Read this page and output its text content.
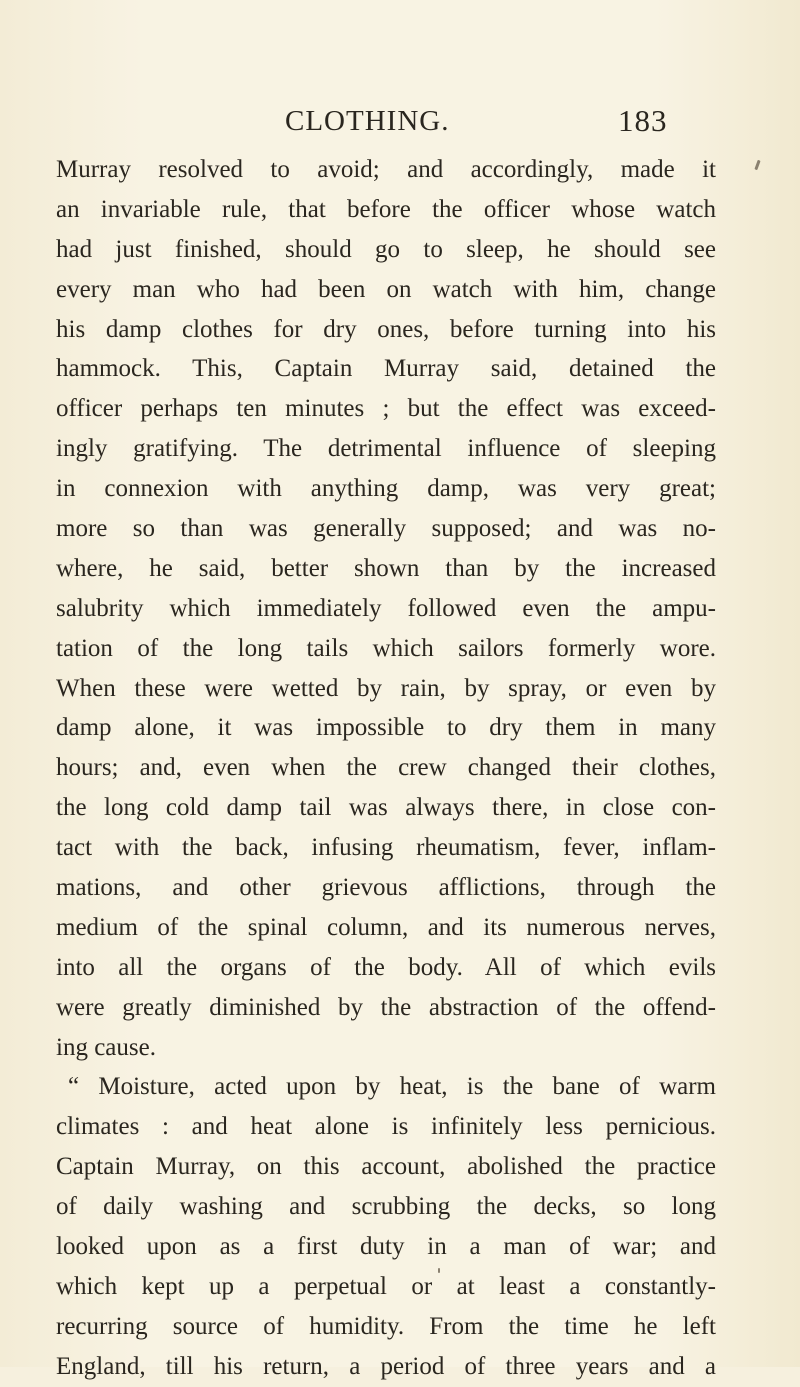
CLOTHING.	183
Murray resolved to avoid; and accordingly, made it
an invariable rule, that before the officer whose watch
had just finished, should go to sleep, he should see
every man who had been on watch with him, change
his damp clothes for dry ones, before turning into his
hammock. This, Captain Murray said, detained the
officer perhaps ten minutes ; but the effect was exceed-
ingly gratifying. The detrimental influence of sleeping
in connexion with anything damp, was very great;
more so than was generally supposed; and was no-
where, he said, better shown than by the increased
salubrity which immediately followed even the ampu-
tation of the long tails which sailors formerly wore.
When these were wetted by rain, by spray, or even by
damp alone, it was impossible to dry them in many
hours; and, even when the crew changed their clothes,
the long cold damp tail was always there, in close con-
tact with the back, infusing rheumatism, fever, inflam-
mations, and other grievous afflictions, through the
medium of the spinal column, and its numerous nerves,
into all the organs of the body. All of which evils
were greatly diminished by the abstraction of the offend-
ing cause.
“ Moisture, acted upon by heat, is the bane of warm
climates : and heat alone is infinitely less pernicious.
Captain Murray, on this account, abolished the practice
of daily washing and scrubbing the decks, so long
looked upon as a first duty in a man of war; and
which kept up a perpetual or at least a constantly-
recurring source of humidity. From the time he left
England, till his return, a period of three years and a
